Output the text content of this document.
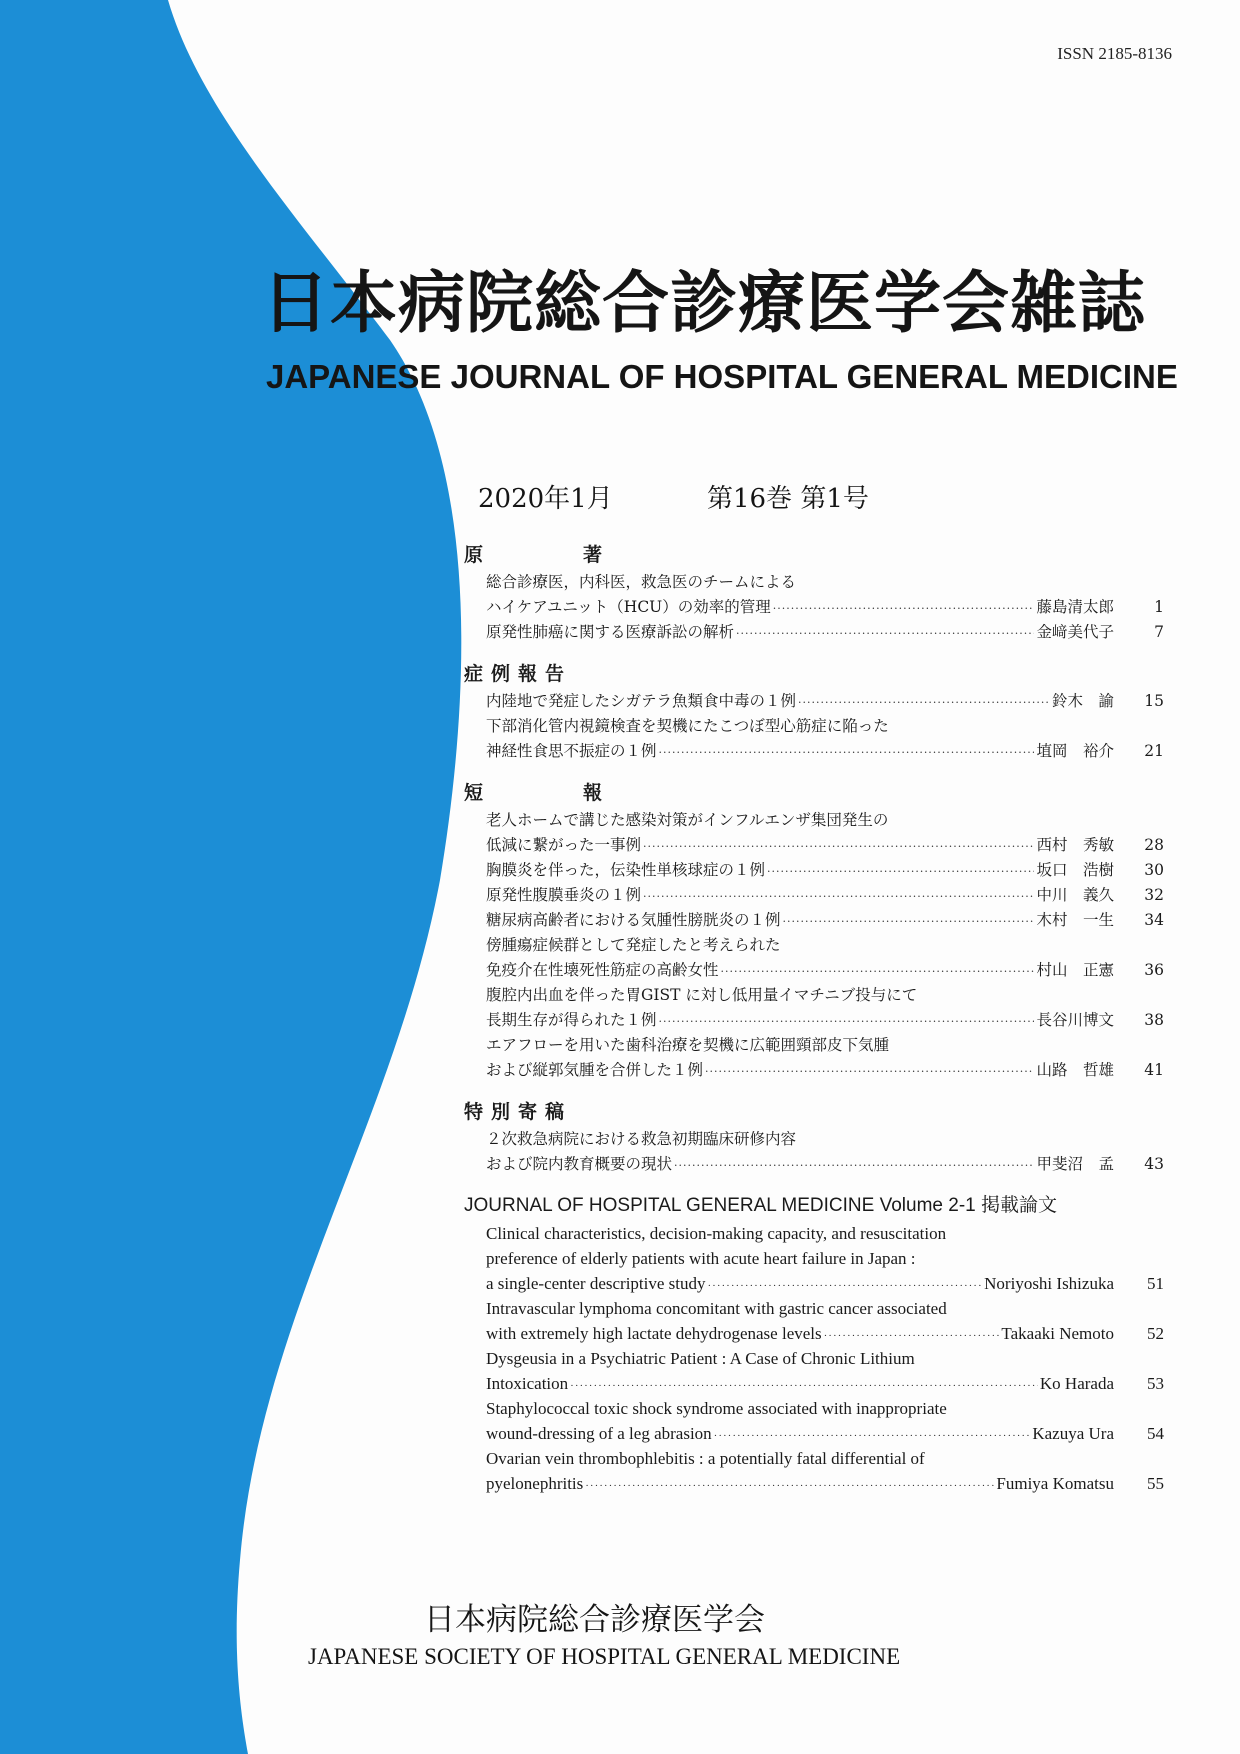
ISSN 2185-8136
日本病院総合診療医学会雑誌
JAPANESE JOURNAL OF HOSPITAL GENERAL MEDICINE
2020年1月	第16巻 第1号
原	著
総合診療医，内科医，救急医のチームによる
ハイケアユニット（HCU）の効率的管理 ·····	藤島清太郎	1
原発性肺癌に関する医療訴訟の解析 ·····	金﨑美代子	7
症例報告
内陸地で発症したシガテラ魚類食中毒の１例 ·····	鈴木　諭	15
下部消化管内視鏡検査を契機にたこつぼ型心筋症に陥った
神経性食思不振症の１例 ·····	埴岡　裕介	21
短	報
老人ホームで講じた感染対策がインフルエンザ集団発生の
低減に繋がった一事例 ·····	西村　秀敏	28
胸膜炎を伴った，伝染性単核球症の１例 ·····	坂口　浩樹	30
原発性腹膜垂炎の１例 ·····	中川　義久	32
糖尿病高齢者における気腫性膀胱炎の１例 ·····	木村　一生	34
傍腫瘍症候群として発症したと考えられた
免疫介在性壊死性筋症の高齢女性 ·····	村山　正憲	36
腹腔内出血を伴った胃GIST に対し低用量イマチニブ投与にて
長期生存が得られた１例 ·····	長谷川博文	38
エアフローを用いた歯科治療を契機に広範囲頸部皮下気腫
および縦郭気腫を合併した１例 ·····	山路　哲雄	41
特別寄稿
２次救急病院における救急初期臨床研修内容
および院内教育概要の現状 ·····	甲斐沼　孟	43
JOURNAL OF HOSPITAL GENERAL MEDICINE Volume 2-1 掲載論文
Clinical characteristics, decision-making capacity, and resuscitation
preference of elderly patients with acute heart failure in Japan :
a single-center descriptive study ·····	Noriyoshi Ishizuka	51
Intravascular lymphoma concomitant with gastric cancer associated
with extremely high lactate dehydrogenase levels ·····	Takaaki Nemoto	52
Dysgeusia in a Psychiatric Patient : A Case of Chronic Lithium
Intoxication ·····	Ko Harada	53
Staphylococcal toxic shock syndrome associated with inappropriate
wound-dressing of a leg abrasion ·····	Kazuya Ura	54
Ovarian vein thrombophlebitis : a potentially fatal differential of
pyelonephritis ·····	Fumiya Komatsu	55
日本病院総合診療医学会
JAPANESE SOCIETY OF HOSPITAL GENERAL MEDICINE
